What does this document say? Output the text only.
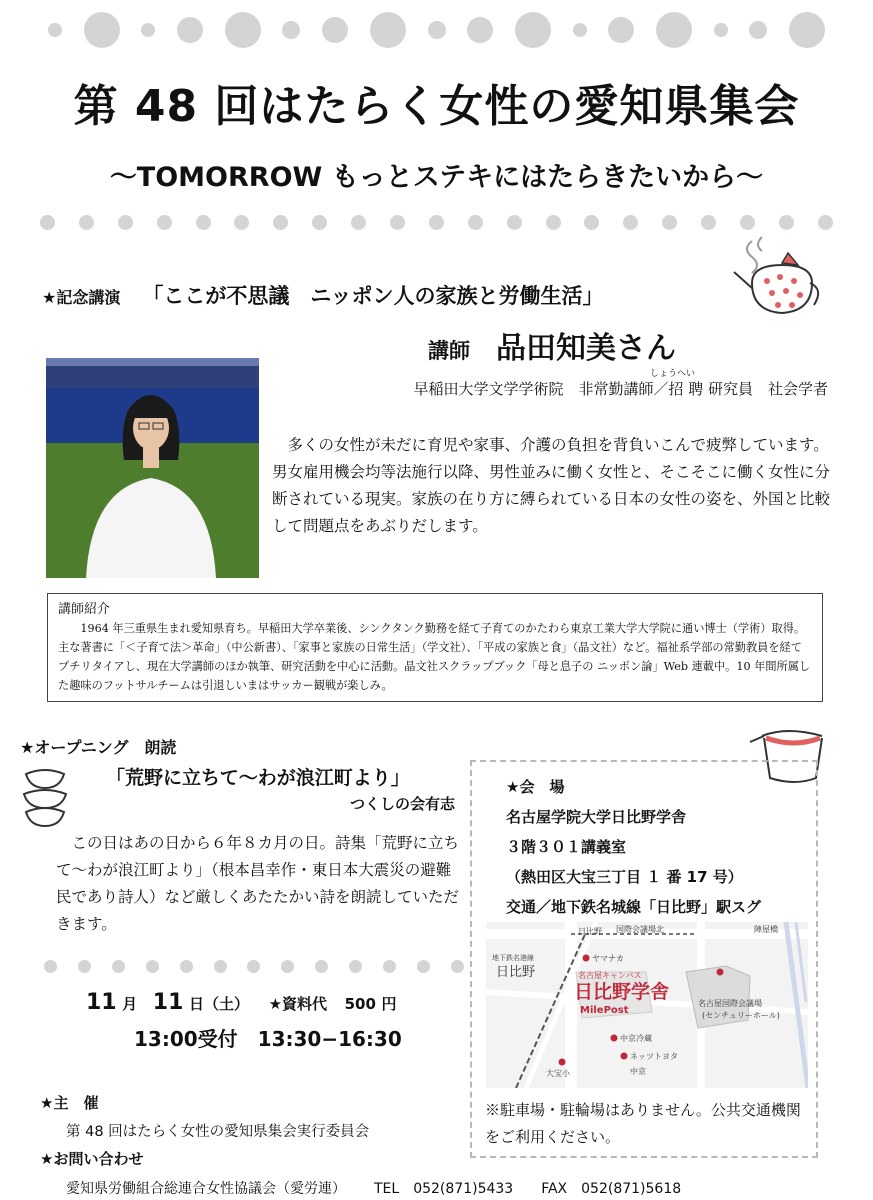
第 48 回はたらく女性の愛知県集会
～TOMORROW もっとステキにはたらきたいから～
★記念講演 「ここが不思議　ニッポン人の家族と労働生活」
講師 品田知美さん
しょうへい
早稲田大学文学学術院　非常勤講師／招 聘 研究員　社会学者
多くの女性が未だに育児や家事、介護の負担を背負いこんで疲弊しています。男女雇用機会均等法施行以降、男性並みに働く女性と、そこそこに働く女性に分断されている現実。家族の在り方に縛られている日本の女性の姿を、外国と比較して問題点をあぶりだします。
講師紹介
1964 年三重県生まれ愛知県育ち。早稲田大学卒業後、シンクタンク勤務を経て子育てのかたわら東京工業大学大学院に通い博士（学術）取得。主な著書に「＜子育て法＞革命」（中公新書）、「家事と家族の日常生活」（学文社）、「平成の家族と食」（晶文社）など。福祉系学部の常勤教員を経てプチリタイアし、現在大学講師のほか執筆、研究活動を中心に活動。晶文社スクラップブック「母と息子の ニッポン論」Web 連載中。10 年間所属した趣味のフットサルチームは引退しいまはサッカー観戦が楽しみ。
★オープニング　朗読
「荒野に立ちて～わが浪江町より」
つくしの会有志
この日はあの日から６年８カ月の日。詩集「荒野に立ちて～わが浪江町より」（根本昌幸作・東日本大震災の避難民であり詩人）など厳しくあたたかい詩を朗読していただきます。
★会　場
名古屋学院大学日比野学舎
３階３０１講義室
（熱田区大宝三丁目 １ 番 17 号）
交通／地下鉄名城線「日比野」駅スグ
日比野 国際会議場北	陣屋橋
地下鉄名港線
日比野
ヤマナカ
名古屋キャンパス
日比野学舎
MilePost
名古屋国際会議場
(センチュリーホール)
中京冷蔵
ネッツトヨタ
中京
大宝小
※駐車場・駐輪場はありません。公共交通機関をご利用ください。
11 月 11 日（土） ★資料代 500 円
13:00受付　13:30−16:30
★主　催
第 48 回はたらく女性の愛知県集会実行委員会
★お問い合わせ
愛知県労働組合総連合女性協議会（愛労連） TEL　052(871)5433 FAX　052(871)5618
